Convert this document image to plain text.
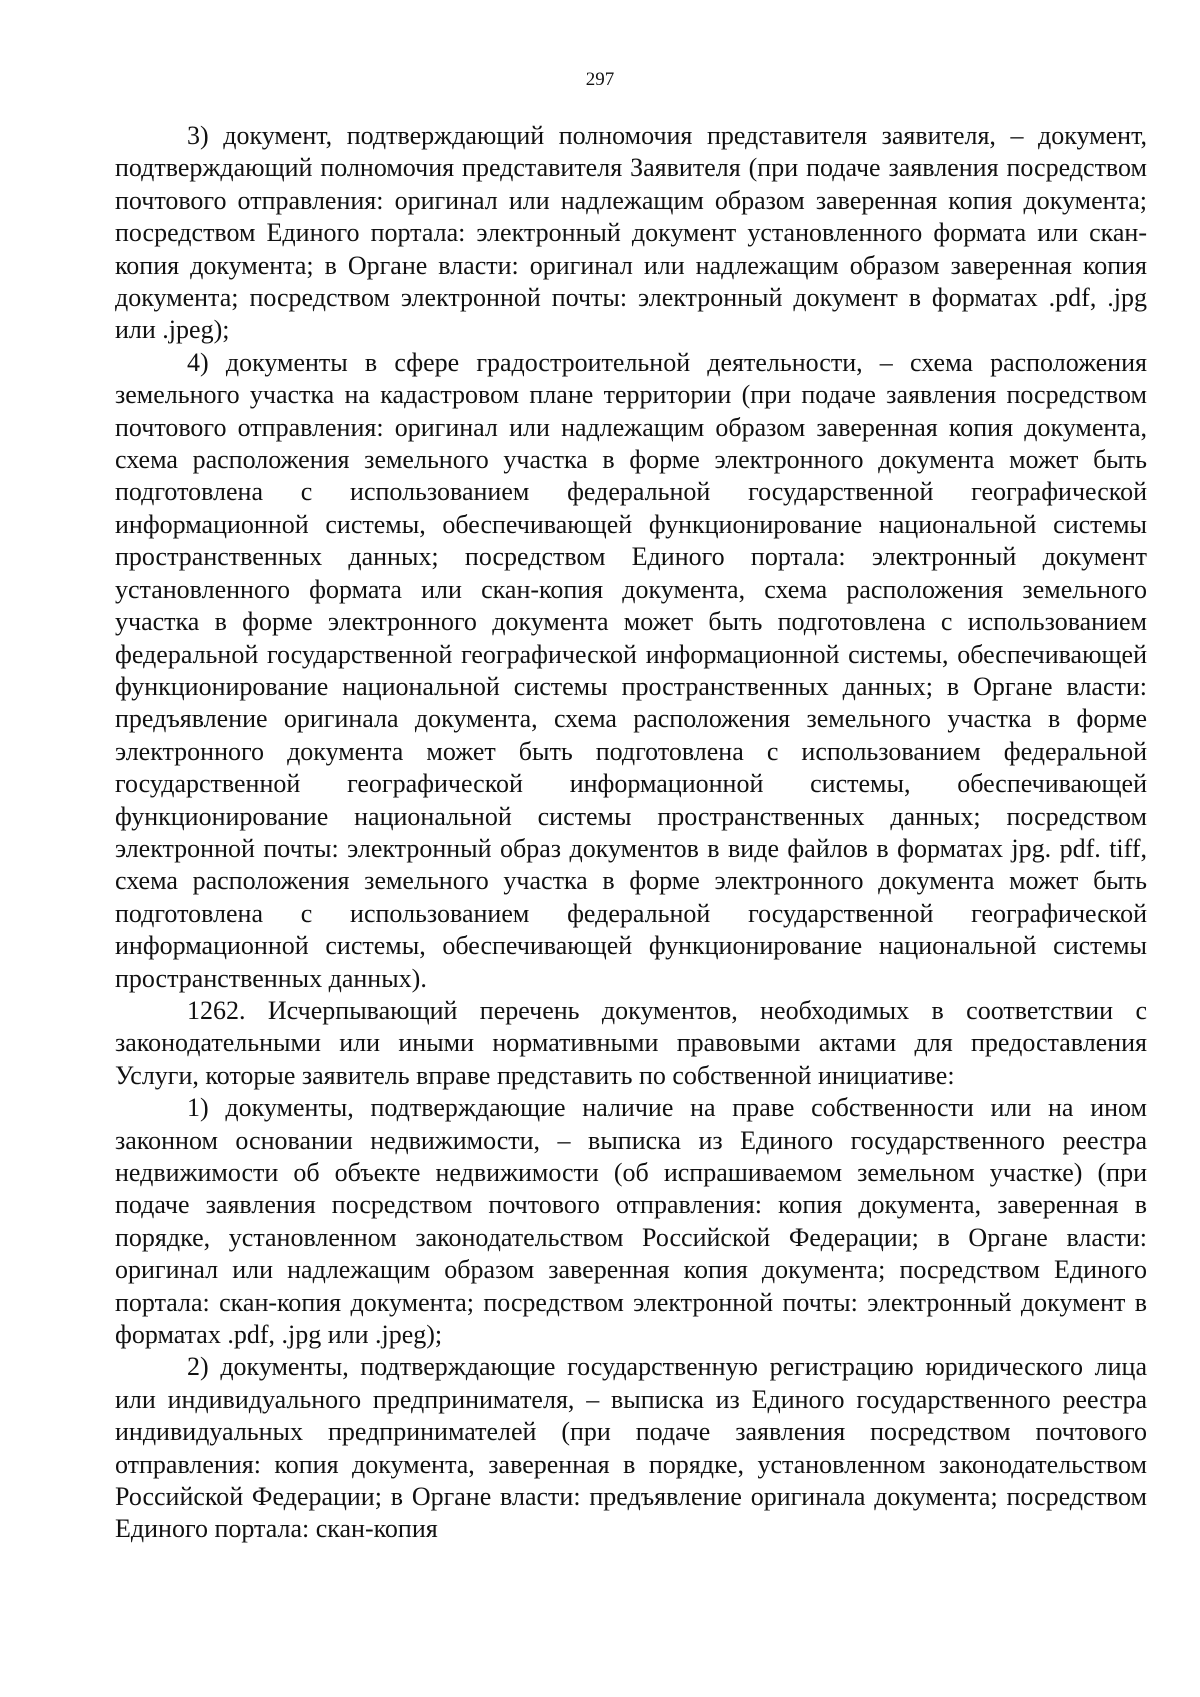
297

3) документ, подтверждающий полномочия представителя заявителя, – документ, подтверждающий полномочия представителя Заявителя (при подаче заявления посредством почтового отправления: оригинал или надлежащим образом заверенная копия документа; посредством Единого портала: электронный документ установленного формата или скан-копия документа; в Органе власти: оригинал или надлежащим образом заверенная копия документа; посредством электронной почты: электронный документ в форматах .pdf, .jpg или .jpeg);

4) документы в сфере градостроительной деятельности, – схема расположения земельного участка на кадастровом плане территории (при подаче заявления посредством почтового отправления: оригинал или надлежащим образом заверенная копия документа, схема расположения земельного участка в форме электронного документа может быть подготовлена с использованием федеральной государственной географической информационной системы, обеспечивающей функционирование национальной системы пространственных данных; посредством Единого портала: электронный документ установленного формата или скан-копия документа, схема расположения земельного участка в форме электронного документа может быть подготовлена с использованием федеральной государственной географической информационной системы, обеспечивающей функционирование национальной системы пространственных данных; в Органе власти: предъявление оригинала документа, схема расположения земельного участка в форме электронного документа может быть подготовлена с использованием федеральной государственной географической информационной системы, обеспечивающей функционирование национальной системы пространственных данных; посредством электронной почты: электронный образ документов в виде файлов в форматах jpg. pdf. tiff, схема расположения земельного участка в форме электронного документа может быть подготовлена с использованием федеральной государственной географической информационной системы, обеспечивающей функционирование национальной системы пространственных данных).

1262. Исчерпывающий перечень документов, необходимых в соответствии с законодательными или иными нормативными правовыми актами для предоставления Услуги, которые заявитель вправе представить по собственной инициативе:

1) документы, подтверждающие наличие на праве собственности или на ином законном основании недвижимости, – выписка из Единого государственного реестра недвижимости об объекте недвижимости (об испрашиваемом земельном участке) (при подаче заявления посредством почтового отправления: копия документа, заверенная в порядке, установленном законодательством Российской Федерации; в Органе власти: оригинал или надлежащим образом заверенная копия документа; посредством Единого портала: скан-копия документа; посредством электронной почты: электронный документ в форматах .pdf, .jpg или .jpeg);

2) документы, подтверждающие государственную регистрацию юридического лица или индивидуального предпринимателя, – выписка из Единого государственного реестра индивидуальных предпринимателей (при подаче заявления посредством почтового отправления: копия документа, заверенная в порядке, установленном законодательством Российской Федерации; в Органе власти: предъявление оригинала документа; посредством Единого портала: скан-копия
